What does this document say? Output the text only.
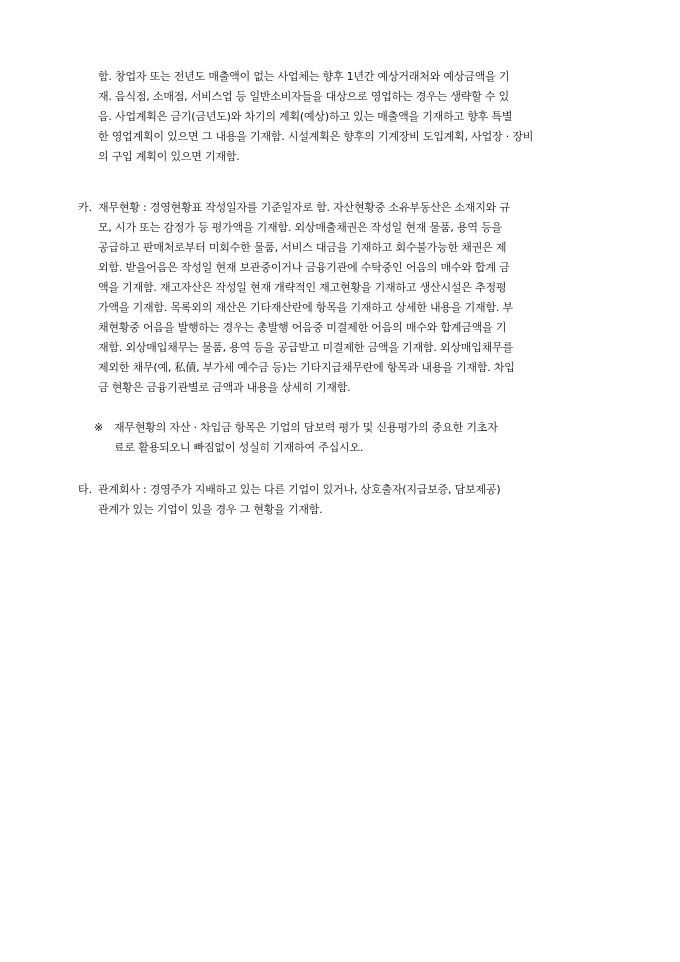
함. 창업자 또는 전년도 매출액이 없는 사업체는 향후 1년간 예상거래처와 예상금액을 기
재. 음식점, 소매점, 서비스업 등 일반소비자들을 대상으로 영업하는 경우는 생략할 수 있
음. 사업계획은 금기(금년도)와 차기의 계획(예상)하고 있는 매출액을 기재하고 향후 특별
한 영업계획이 있으면 그 내용을 기재함. 시설계획은 향후의 기계장비 도입계획, 사업장 · 장비
의 구입 계획이 있으면 기재함.
카. 재무현황 : 경영현황표 작성일자를 기준일자로 함. 자산현황중 소유부동산은 소재지와 규
모, 시가 또는 감정가 등 평가액을 기재함. 외상매출채권은 작성일 현재 물품, 용역 등을
공급하고 판매처로부터 미회수한 물품, 서비스 대금을 기재하고 회수불가능한 채권은 제
외함. 받을어음은 작성일 현재 보관중이거나 금융기관에 수탁중인 어음의 매수와 합계 금
액을 기재함. 재고자산은 작성일 현재 개략적인 재고현황을 기재하고 생산시설은 추정평
가액을 기재함. 목록외의 재산은 기타재산란에 항목을 기재하고 상세한 내용을 기재함. 부
채현황중 어음을 발행하는 경우는 총발행 어음중 미결제한 어음의 매수와 합계금액을 기
재함. 외상매입채무는 물품, 용역 등을 공급받고 미결제한 금액을 기재함. 외상매입채무를
제외한 채무(예, 私債, 부가세 예수금 등)는 기타지급채무란에 항목과 내용을 기재함. 차입
금 현황은 금융기관별로 금액과 내용을 상세히 기재함.
※ 재무현황의 자산 · 차입금 항목은 기업의 담보력 평가 및 신용평가의 중요한 기초자
료로 활용되오니 빠짐없이 성실히 기재하여 주십시오.
타. 관계회사 : 경영주가 지배하고 있는 다른 기업이 있거나, 상호출자(지급보증, 담보제공)
관계가 있는 기업이 있을 경우 그 현황을 기재함.
